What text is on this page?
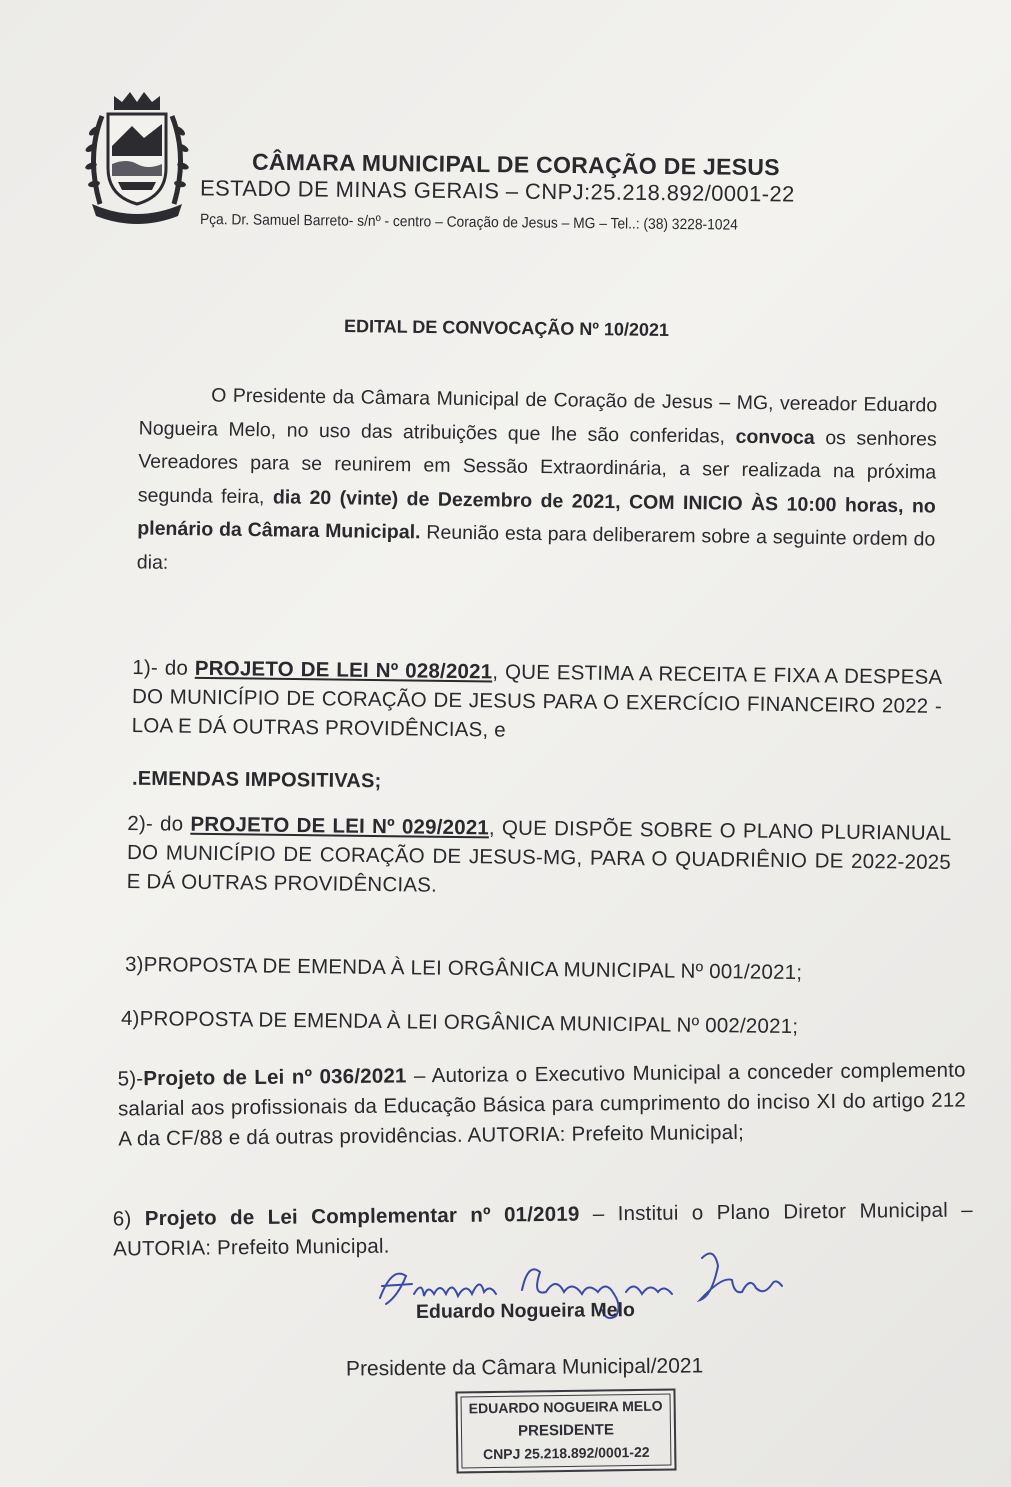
CÂMARA MUNICIPAL DE CORAÇÃO DE JESUS
ESTADO DE MINAS GERAIS – CNPJ:25.218.892/0001-22
Pça. Dr. Samuel Barreto- s/nº - centro – Coração de Jesus – MG – Tel..: (38) 3228-1024
EDITAL DE CONVOCAÇÃO Nº 10/2021
O Presidente da Câmara Municipal de Coração de Jesus – MG, vereador Eduardo Nogueira Melo, no uso das atribuições que lhe são conferidas, convoca os senhores Vereadores para se reunirem em Sessão Extraordinária, a ser realizada na próxima segunda feira, dia 20 (vinte) de Dezembro de 2021, COM INICIO ÀS 10:00 horas, no plenário da Câmara Municipal. Reunião esta para deliberarem sobre a seguinte ordem do dia:
1)- do PROJETO DE LEI Nº 028/2021, QUE ESTIMA A RECEITA E FIXA A DESPESA DO MUNICÍPIO DE CORAÇÃO DE JESUS PARA O EXERCÍCIO FINANCEIRO 2022 - LOA E DÁ OUTRAS PROVIDÊNCIAS, e
.EMENDAS IMPOSITIVAS;
2)- do PROJETO DE LEI Nº 029/2021, QUE DISPÕE SOBRE O PLANO PLURIANUAL DO MUNICÍPIO DE CORAÇÃO DE JESUS-MG, PARA O QUADRIÊNIO DE 2022-2025 E DÁ OUTRAS PROVIDÊNCIAS.
3)PROPOSTA DE EMENDA À LEI ORGÂNICA MUNICIPAL Nº 001/2021;
4)PROPOSTA DE EMENDA À LEI ORGÂNICA MUNICIPAL Nº 002/2021;
5)-Projeto de Lei nº 036/2021 – Autoriza o Executivo Municipal a conceder complemento salarial aos profissionais da Educação Básica para cumprimento do inciso XI do artigo 212 A da CF/88 e dá outras providências. AUTORIA: Prefeito Municipal;
6) Projeto de Lei Complementar nº 01/2019 – Institui o Plano Diretor Municipal – AUTORIA: Prefeito Municipal.
Eduardo Nogueira Melo
Presidente da Câmara Municipal/2021
EDUARDO NOGUEIRA MELO
PRESIDENTE
CNPJ 25.218.892/0001-22
